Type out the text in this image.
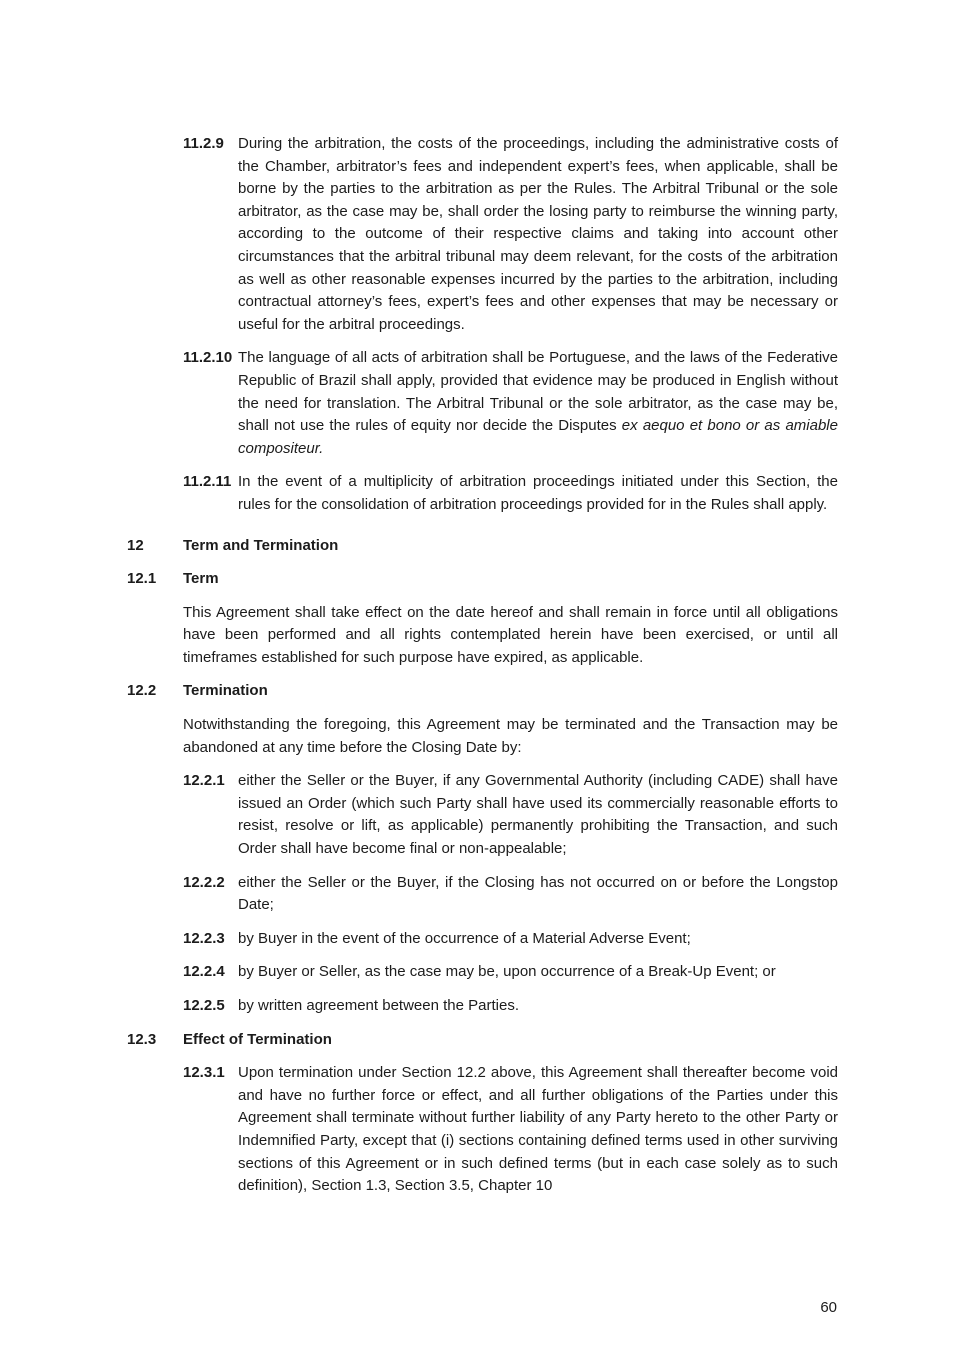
11.2.9 During the arbitration, the costs of the proceedings, including the administrative costs of the Chamber, arbitrator’s fees and independent expert’s fees, when applicable, shall be borne by the parties to the arbitration as per the Rules. The Arbitral Tribunal or the sole arbitrator, as the case may be, shall order the losing party to reimburse the winning party, according to the outcome of their respective claims and taking into account other circumstances that the arbitral tribunal may deem relevant, for the costs of the arbitration as well as other reasonable expenses incurred by the parties to the arbitration, including contractual attorney’s fees, expert’s fees and other expenses that may be necessary or useful for the arbitral proceedings.
11.2.10 The language of all acts of arbitration shall be Portuguese, and the laws of the Federative Republic of Brazil shall apply, provided that evidence may be produced in English without the need for translation. The Arbitral Tribunal or the sole arbitrator, as the case may be, shall not use the rules of equity nor decide the Disputes ex aequo et bono or as amiable compositeur.
11.2.11 In the event of a multiplicity of arbitration proceedings initiated under this Section, the rules for the consolidation of arbitration proceedings provided for in the Rules shall apply.
12	Term and Termination
12.1	Term
This Agreement shall take effect on the date hereof and shall remain in force until all obligations have been performed and all rights contemplated herein have been exercised, or until all timeframes established for such purpose have expired, as applicable.
12.2	Termination
Notwithstanding the foregoing, this Agreement may be terminated and the Transaction may be abandoned at any time before the Closing Date by:
12.2.1 either the Seller or the Buyer, if any Governmental Authority (including CADE) shall have issued an Order (which such Party shall have used its commercially reasonable efforts to resist, resolve or lift, as applicable) permanently prohibiting the Transaction, and such Order shall have become final or non-appealable;
12.2.2 either the Seller or the Buyer, if the Closing has not occurred on or before the Longstop Date;
12.2.3 by Buyer in the event of the occurrence of a Material Adverse Event;
12.2.4 by Buyer or Seller, as the case may be, upon occurrence of a Break-Up Event; or
12.2.5 by written agreement between the Parties.
12.3	Effect of Termination
12.3.1 Upon termination under Section 12.2 above, this Agreement shall thereafter become void and have no further force or effect, and all further obligations of the Parties under this Agreement shall terminate without further liability of any Party hereto to the other Party or Indemnified Party, except that (i) sections containing defined terms used in other surviving sections of this Agreement or in such defined terms (but in each case solely as to such definition), Section 1.3, Section 3.5, Chapter 10
60
